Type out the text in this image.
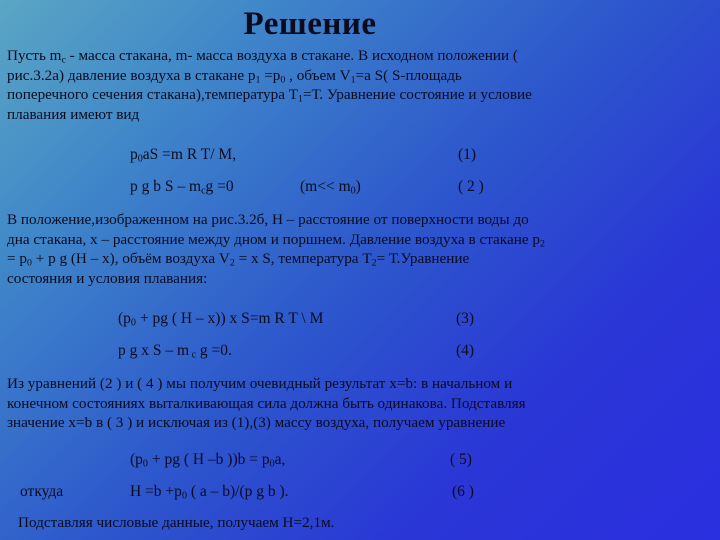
Решение
Пусть $m_с$ - масса стакана, m- масса воздуха в стакане. В исходном положении (
рис.3.2а) давление воздуха в стакане $p_1 =p_0$ , объем $V_1=а$ S( S-площадь
поперечного сечения стакана),температура $Т_1=Т$. Уравнение состояние и условие
плавания имеют вид
$p_0aS =m$ R T/ M,	(1)
p g b $S - m_cg =0$	$(m<< m_0)$	( 2 )
В положение,изображенном на рис.3.2б, Н – расстояние от поверхности воды до
дна стакана, х – расстояние между дном и поршнем. Давление воздуха в стакане $p_2$
= $p_0 + p$ g (H – x), объём воздуха $V_2 = x$ S, температура $Т_2=$ Т.Уравнение
состояния и условия плавания:
($p_0$ + pg ( H – x)) x S=m R T \ M	(3)
p g x S – m $_c$ g =0.	(4)
Из уравнений (2 ) и ( 4 ) мы получим очевидный результат х=b: в начальном и
конечном состояниях выталкивающая сила должна быть одинакова. Подставляя
значение х=b в ( 3 ) и исключая из (1),(3) массу воздуха, получаем уравнение
($p_0$ + pg ( H –b ))$b = p_0a$,	( 5)
откуда	$H =b +p_0$ ( a – b)/(p g b ).	(6 )
Подставляя числовые данные, получаем Н=2,1м.
